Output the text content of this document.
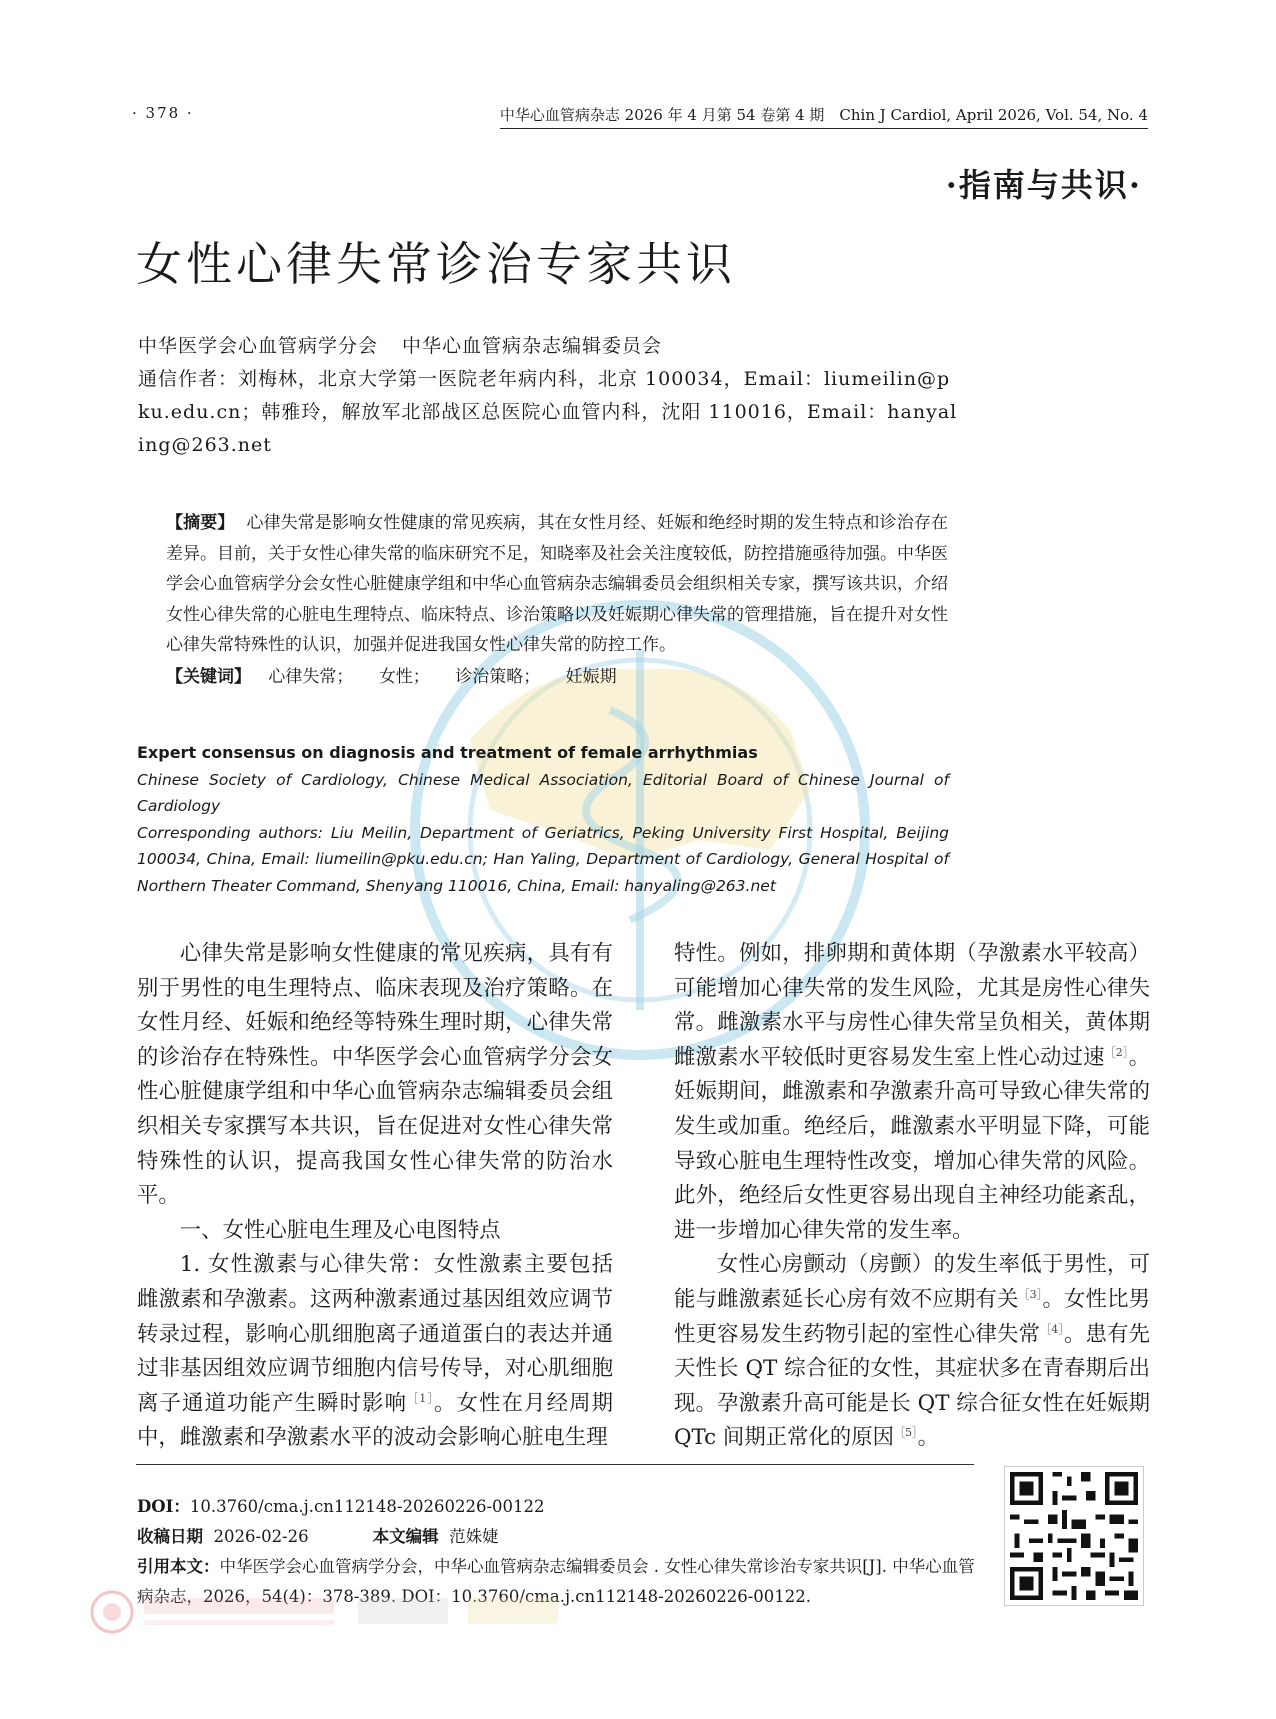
· 378 ·	中华心血管病杂志 2026 年 4 月第 54 卷第 4 期　Chin J Cardiol, April 2026, Vol. 54, No. 4
·指南与共识·
女性心律失常诊治专家共识
中华医学会心血管病学分会 中华心血管病杂志编辑委员会
通信作者：刘梅林，北京大学第一医院老年病内科，北京 100034，Email：liumeilin@pku.edu.cn；韩雅玲，解放军北部战区总医院心血管内科，沈阳 110016，Email：hanyaling@263.net
【摘要】 心律失常是影响女性健康的常见疾病，其在女性月经、妊娠和绝经时期的发生特点和诊治存在差异。目前，关于女性心律失常的临床研究不足，知晓率及社会关注度较低，防控措施亟待加强。中华医学会心血管病学分会女性心脏健康学组和中华心血管病杂志编辑委员会组织相关专家，撰写该共识，介绍女性心律失常的心脏电生理特点、临床特点、诊治策略以及妊娠期心律失常的管理措施，旨在提升对女性心律失常特殊性的认识，加强并促进我国女性心律失常的防控工作。
【关键词】 心律失常； 女性； 诊治策略； 妊娠期
Expert consensus on diagnosis and treatment of female arrhythmias
Chinese Society of Cardiology, Chinese Medical Association, Editorial Board of Chinese Journal of Cardiology
Corresponding authors: Liu Meilin, Department of Geriatrics, Peking University First Hospital, Beijing 100034, China, Email: liumeilin@pku.edu.cn; Han Yaling, Department of Cardiology, General Hospital of Northern Theater Command, Shenyang 110016, China, Email: hanyaling@263.net

心律失常是影响女性健康的常见疾病，具有有别于男性的电生理特点、临床表现及治疗策略。在女性月经、妊娠和绝经等特殊生理时期，心律失常的诊治存在特殊性。中华医学会心血管病学分会女性心脏健康学组和中华心血管病杂志编辑委员会组织相关专家撰写本共识，旨在促进对女性心律失常特殊性的认识，提高我国女性心律失常的防治水平。

一、女性心脏电生理及心电图特点

1. 女性激素与心律失常：女性激素主要包括雌激素和孕激素。这两种激素通过基因组效应调节转录过程，影响心肌细胞离子通道蛋白的表达并通过非基因组效应调节细胞内信号传导，对心肌细胞离子通道功能产生瞬时影响$^{[1]}$。女性在月经周期中，雌激素和孕激素水平的波动会影响心脏电生理

特性。例如，排卵期和黄体期（孕激素水平较高）可能增加心律失常的发生风险，尤其是房性心律失常。雌激素水平与房性心律失常呈负相关，黄体期雌激素水平较低时更容易发生室上性心动过速$^{[2]}$。妊娠期间，雌激素和孕激素升高可导致心律失常的发生或加重。绝经后，雌激素水平明显下降，可能导致心脏电生理特性改变，增加心律失常的风险。此外，绝经后女性更容易出现自主神经功能紊乱，进一步增加心律失常的发生率。

女性心房颤动（房颤）的发生率低于男性，可能与雌激素延长心房有效不应期有关$^{[3]}$。女性比男性更容易发生药物引起的室性心律失常$^{[4]}$。患有先天性长 QT 综合征的女性，其症状多在青春期后出现。孕激素升高可能是长 QT 综合征女性在妊娠期 QTc 间期正常化的原因$^{[5]}$。

DOI：10.3760/cma.j.cn112148-20260226-00122
收稿日期 2026-02-26	本文编辑 范姝婕
引用本文：中华医学会心血管病学分会，中华心血管病杂志编辑委员会 . 女性心律失常诊治专家共识[J]. 中华心血管病杂志，2026，54(4)：378-389. DOI：10.3760/cma.j.cn112148-20260226-00122.
